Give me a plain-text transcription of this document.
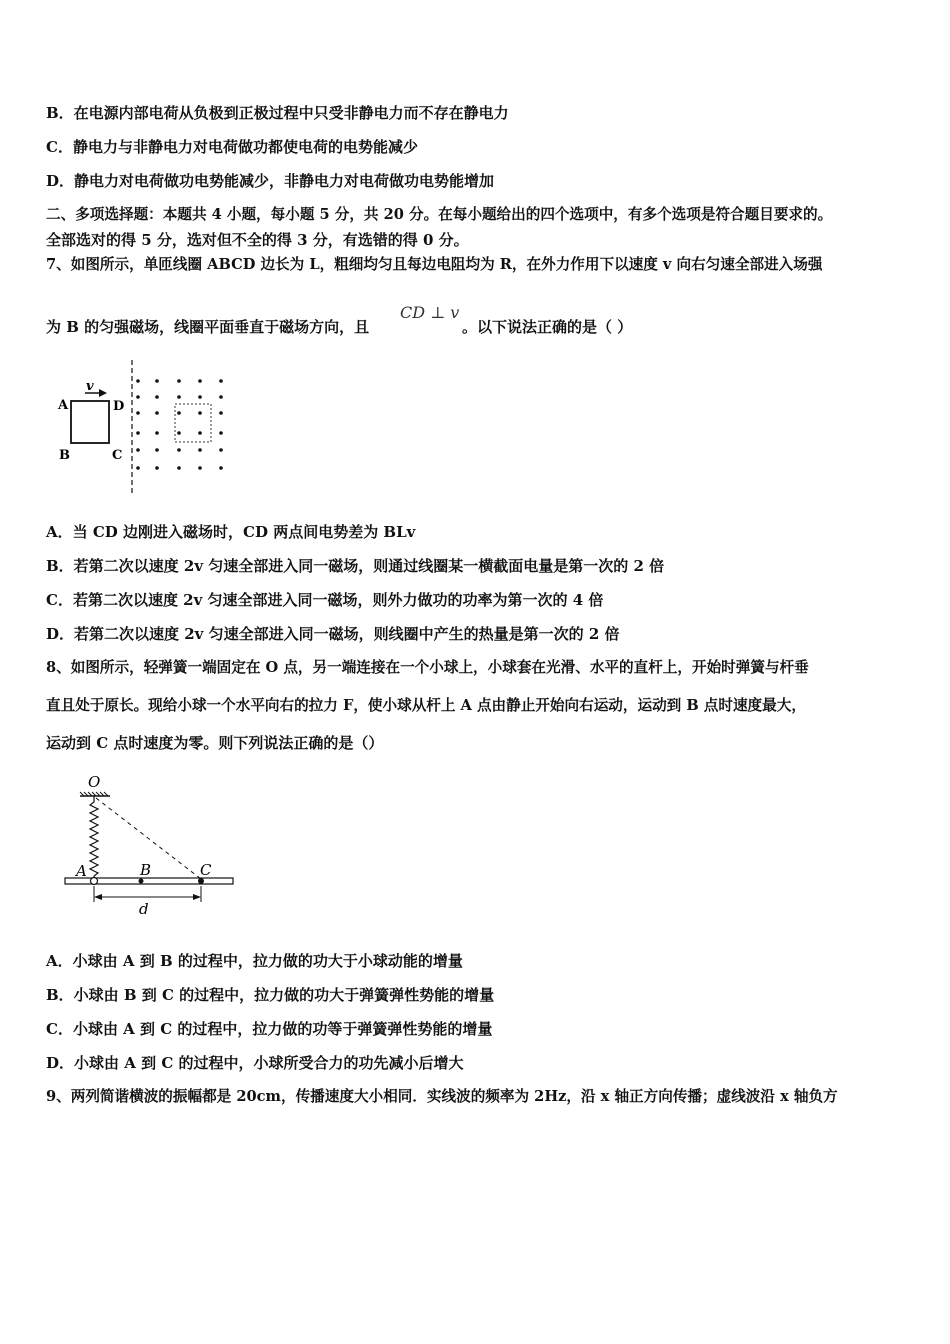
B．在电源内部电荷从负极到正极过程中只受非静电力而不存在静电力
C．静电力与非静电力对电荷做功都使电荷的电势能减少
D．静电力对电荷做功电势能减少，非静电力对电荷做功电势能增加
二、多项选择题：本题共 4 小题，每小题 5 分，共 20 分。在每小题给出的四个选项中，有多个选项是符合题目要求的。
全部选对的得 5 分，选对但不全的得 3 分，有选错的得 0 分。
7、如图所示，单匝线圈 ABCD 边长为 L，粗细均匀且每边电阻均为 R，在外力作用下以速度 v 向右匀速全部进入场强
为 B 的匀强磁场，线圈平面垂直于磁场方向，且
CD ⊥ v
。以下说法正确的是（ ）
v
A	D
B	C
A．当 CD 边刚进入磁场时，CD 两点间电势差为 BLv
B．若第二次以速度 2v 匀速全部进入同一磁场，则通过线圈某一横截面电量是第一次的 2 倍
C．若第二次以速度 2v 匀速全部进入同一磁场，则外力做功的功率为第一次的 4 倍
D．若第二次以速度 2v 匀速全部进入同一磁场，则线圈中产生的热量是第一次的 2 倍
8、如图所示，轻弹簧一端固定在 O 点，另一端连接在一个小球上，小球套在光滑、水平的直杆上，开始时弹簧与杆垂
直且处于原长。现给小球一个水平向右的拉力 F，使小球从杆上 A 点由静止开始向右运动，运动到 B 点时速度最大，
运动到 C 点时速度为零。则下列说法正确的是（）
O
A	B	C
d
A．小球由 A 到 B 的过程中，拉力做的功大于小球动能的增量
B．小球由 B 到 C 的过程中，拉力做的功大于弹簧弹性势能的增量
C．小球由 A 到 C 的过程中，拉力做的功等于弹簧弹性势能的增量
D．小球由 A 到 C 的过程中，小球所受合力的功先减小后增大
9、两列简谐横波的振幅都是 20cm，传播速度大小相同．实线波的频率为 2Hz，沿 x 轴正方向传播；虚线波沿 x 轴负方
